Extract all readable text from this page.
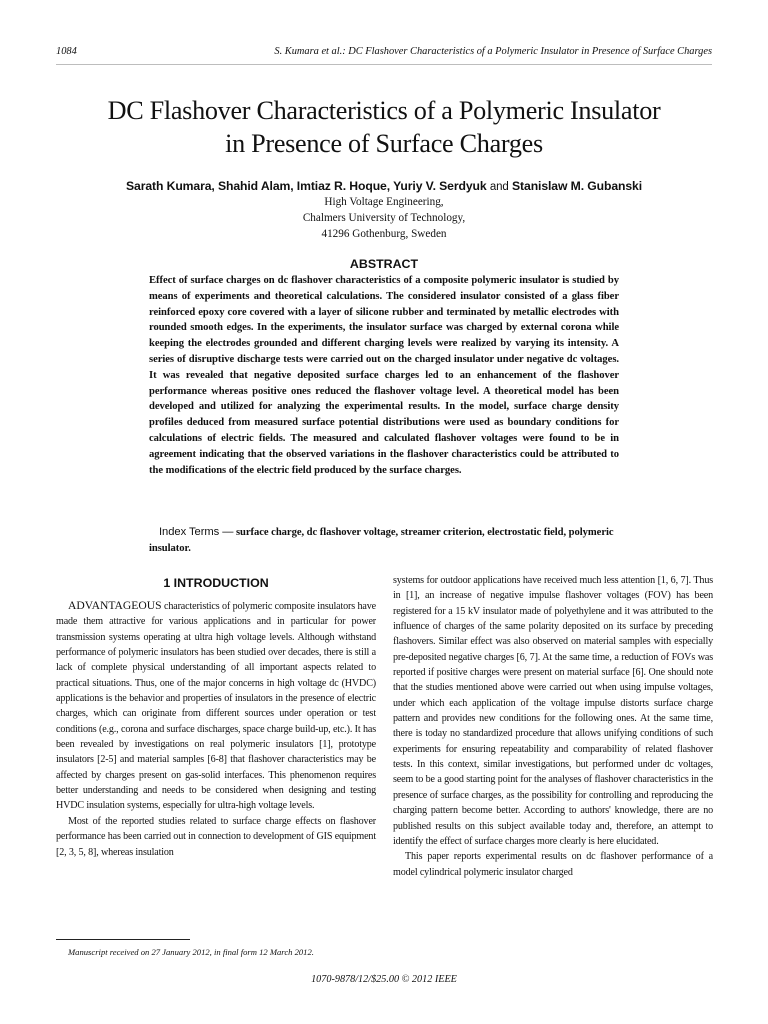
1084	S. Kumara et al.: DC Flashover Characteristics of a Polymeric Insulator in Presence of Surface Charges
DC Flashover Characteristics of a Polymeric Insulator
in Presence of Surface Charges
Sarath Kumara, Shahid Alam, Imtiaz R. Hoque, Yuriy V. Serdyuk and Stanislaw M. Gubanski
High Voltage Engineering,
Chalmers University of Technology,
41296 Gothenburg, Sweden
ABSTRACT
Effect of surface charges on dc flashover characteristics of a composite polymeric insulator is studied by means of experiments and theoretical calculations. The considered insulator consisted of a glass fiber reinforced epoxy core covered with a layer of silicone rubber and terminated by metallic electrodes with rounded smooth edges. In the experiments, the insulator surface was charged by external corona while keeping the electrodes grounded and different charging levels were realized by varying its intensity. A series of disruptive discharge tests were carried out on the charged insulator under negative dc voltages. It was revealed that negative deposited surface charges led to an enhancement of the flashover performance whereas positive ones reduced the flashover voltage level. A theoretical model has been developed and utilized for analyzing the experimental results. In the model, surface charge density profiles deduced from measured surface potential distributions were used as boundary conditions for calculations of electric fields. The measured and calculated flashover voltages were found to be in agreement indicating that the observed variations in the flashover characteristics could be attributed to the modifications of the electric field produced by the surface charges.
Index Terms — surface charge, dc flashover voltage, streamer criterion, electrostatic field, polymeric insulator.
1 INTRODUCTION

ADVANTAGEOUS characteristics of polymeric composite insulators have made them attractive for various applications and in particular for power transmission systems operating at ultra high voltage levels. Although withstand performance of polymeric insulators has been studied over decades, there is still a lack of complete physical understanding of all important aspects related to practical situations. Thus, one of the major concerns in high voltage dc (HVDC) applications is the behavior and properties of insulators in the presence of electric charges, which can originate from different sources under operation or test conditions (e.g., corona and surface discharges, space charge build-up, etc.). It has been revealed by investigations on real polymeric insulators [1], prototype insulators [2-5] and material samples [6-8] that flashover characteristics may be affected by charges present on gas-solid interfaces. This phenomenon requires better understanding and needs to be considered when designing and testing HVDC insulation systems, especially for ultra-high voltage levels.

Most of the reported studies related to surface charge effects on flashover performance has been carried out in connection to development of GIS equipment [2, 3, 5, 8], whereas insulation

systems for outdoor applications have received much less attention [1, 6, 7]. Thus in [1], an increase of negative impulse flashover voltages (FOV) has been registered for a 15 kV insulator made of polyethylene and it was attributed to the influence of charges of the same polarity deposited on its surface by preceding flashovers. Similar effect was also observed on material samples with especially pre-deposited negative charges [6, 7]. At the same time, a reduction of FOVs was reported if positive charges were present on material surface [6]. One should note that the studies mentioned above were carried out when using impulse voltages, under which each application of the voltage impulse distorts surface charge pattern and provides new conditions for the following ones. At the same time, there is today no standardized procedure that allows unifying conditions of such experiments for ensuring repeatability and comparability of related flashover tests. In this context, similar investigations, but performed under dc voltages, seem to be a good starting point for the analyses of flashover characteristics in the presence of surface charges, as the possibility for controlling and reproducing the charging pattern become better. According to authors' knowledge, there are no published results on this subject available today and, therefore, an attempt to identify the effect of surface charges more clearly is here elucidated.

This paper reports experimental results on dc flashover performance of a model cylindrical polymeric insulator charged

Manuscript received on 27 January 2012, in final form 12 March 2012.
1070-9878/12/$25.00 © 2012 IEEE
